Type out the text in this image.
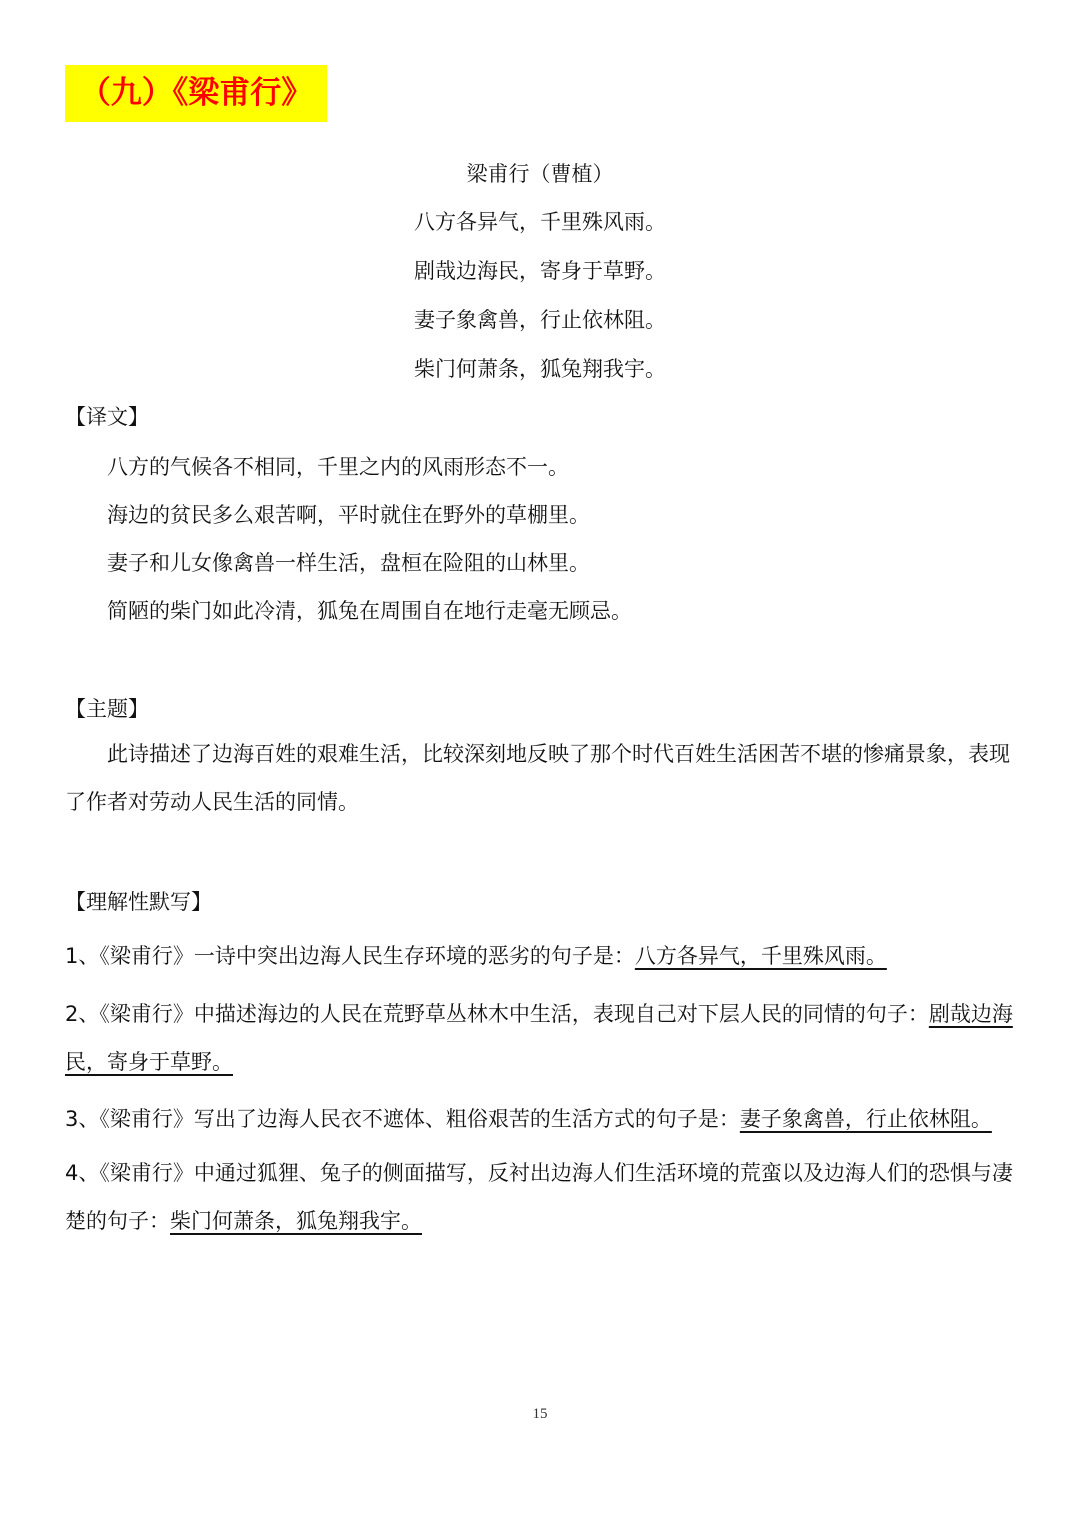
（九）《梁甫行》
梁甫行（曹植）
八方各异气，千里殊风雨。
剧哉边海民，寄身于草野。
妻子象禽兽，行止依林阻。
柴门何萧条，狐兔翔我宇。
【译文】
八方的气候各不相同，千里之内的风雨形态不一。
海边的贫民多么艰苦啊，平时就住在野外的草棚里。
妻子和儿女像禽兽一样生活，盘桓在险阻的山林里。
简陋的柴门如此冷清，狐兔在周围自在地行走毫无顾忌。
【主题】
此诗描述了边海百姓的艰难生活，比较深刻地反映了那个时代百姓生活困苦不堪的惨痛景象，表现了作者对劳动人民生活的同情。
【理解性默写】
1、《梁甫行》一诗中突出边海人民生存环境的恶劣的句子是：八方各异气，千里殊风雨。
2、《梁甫行》中描述海边的人民在荒野草丛林木中生活，表现自己对下层人民的同情的句子：剧哉边海民，寄身于草野。
3、《梁甫行》写出了边海人民衣不遮体、粗俗艰苦的生活方式的句子是：妻子象禽兽，行止依林阻。
4、《梁甫行》中通过狐狸、兔子的侧面描写，反衬出边海人们生活环境的荒蛮以及边海人们的恐惧与凄楚的句子：柴门何萧条，狐兔翔我宇。
15
